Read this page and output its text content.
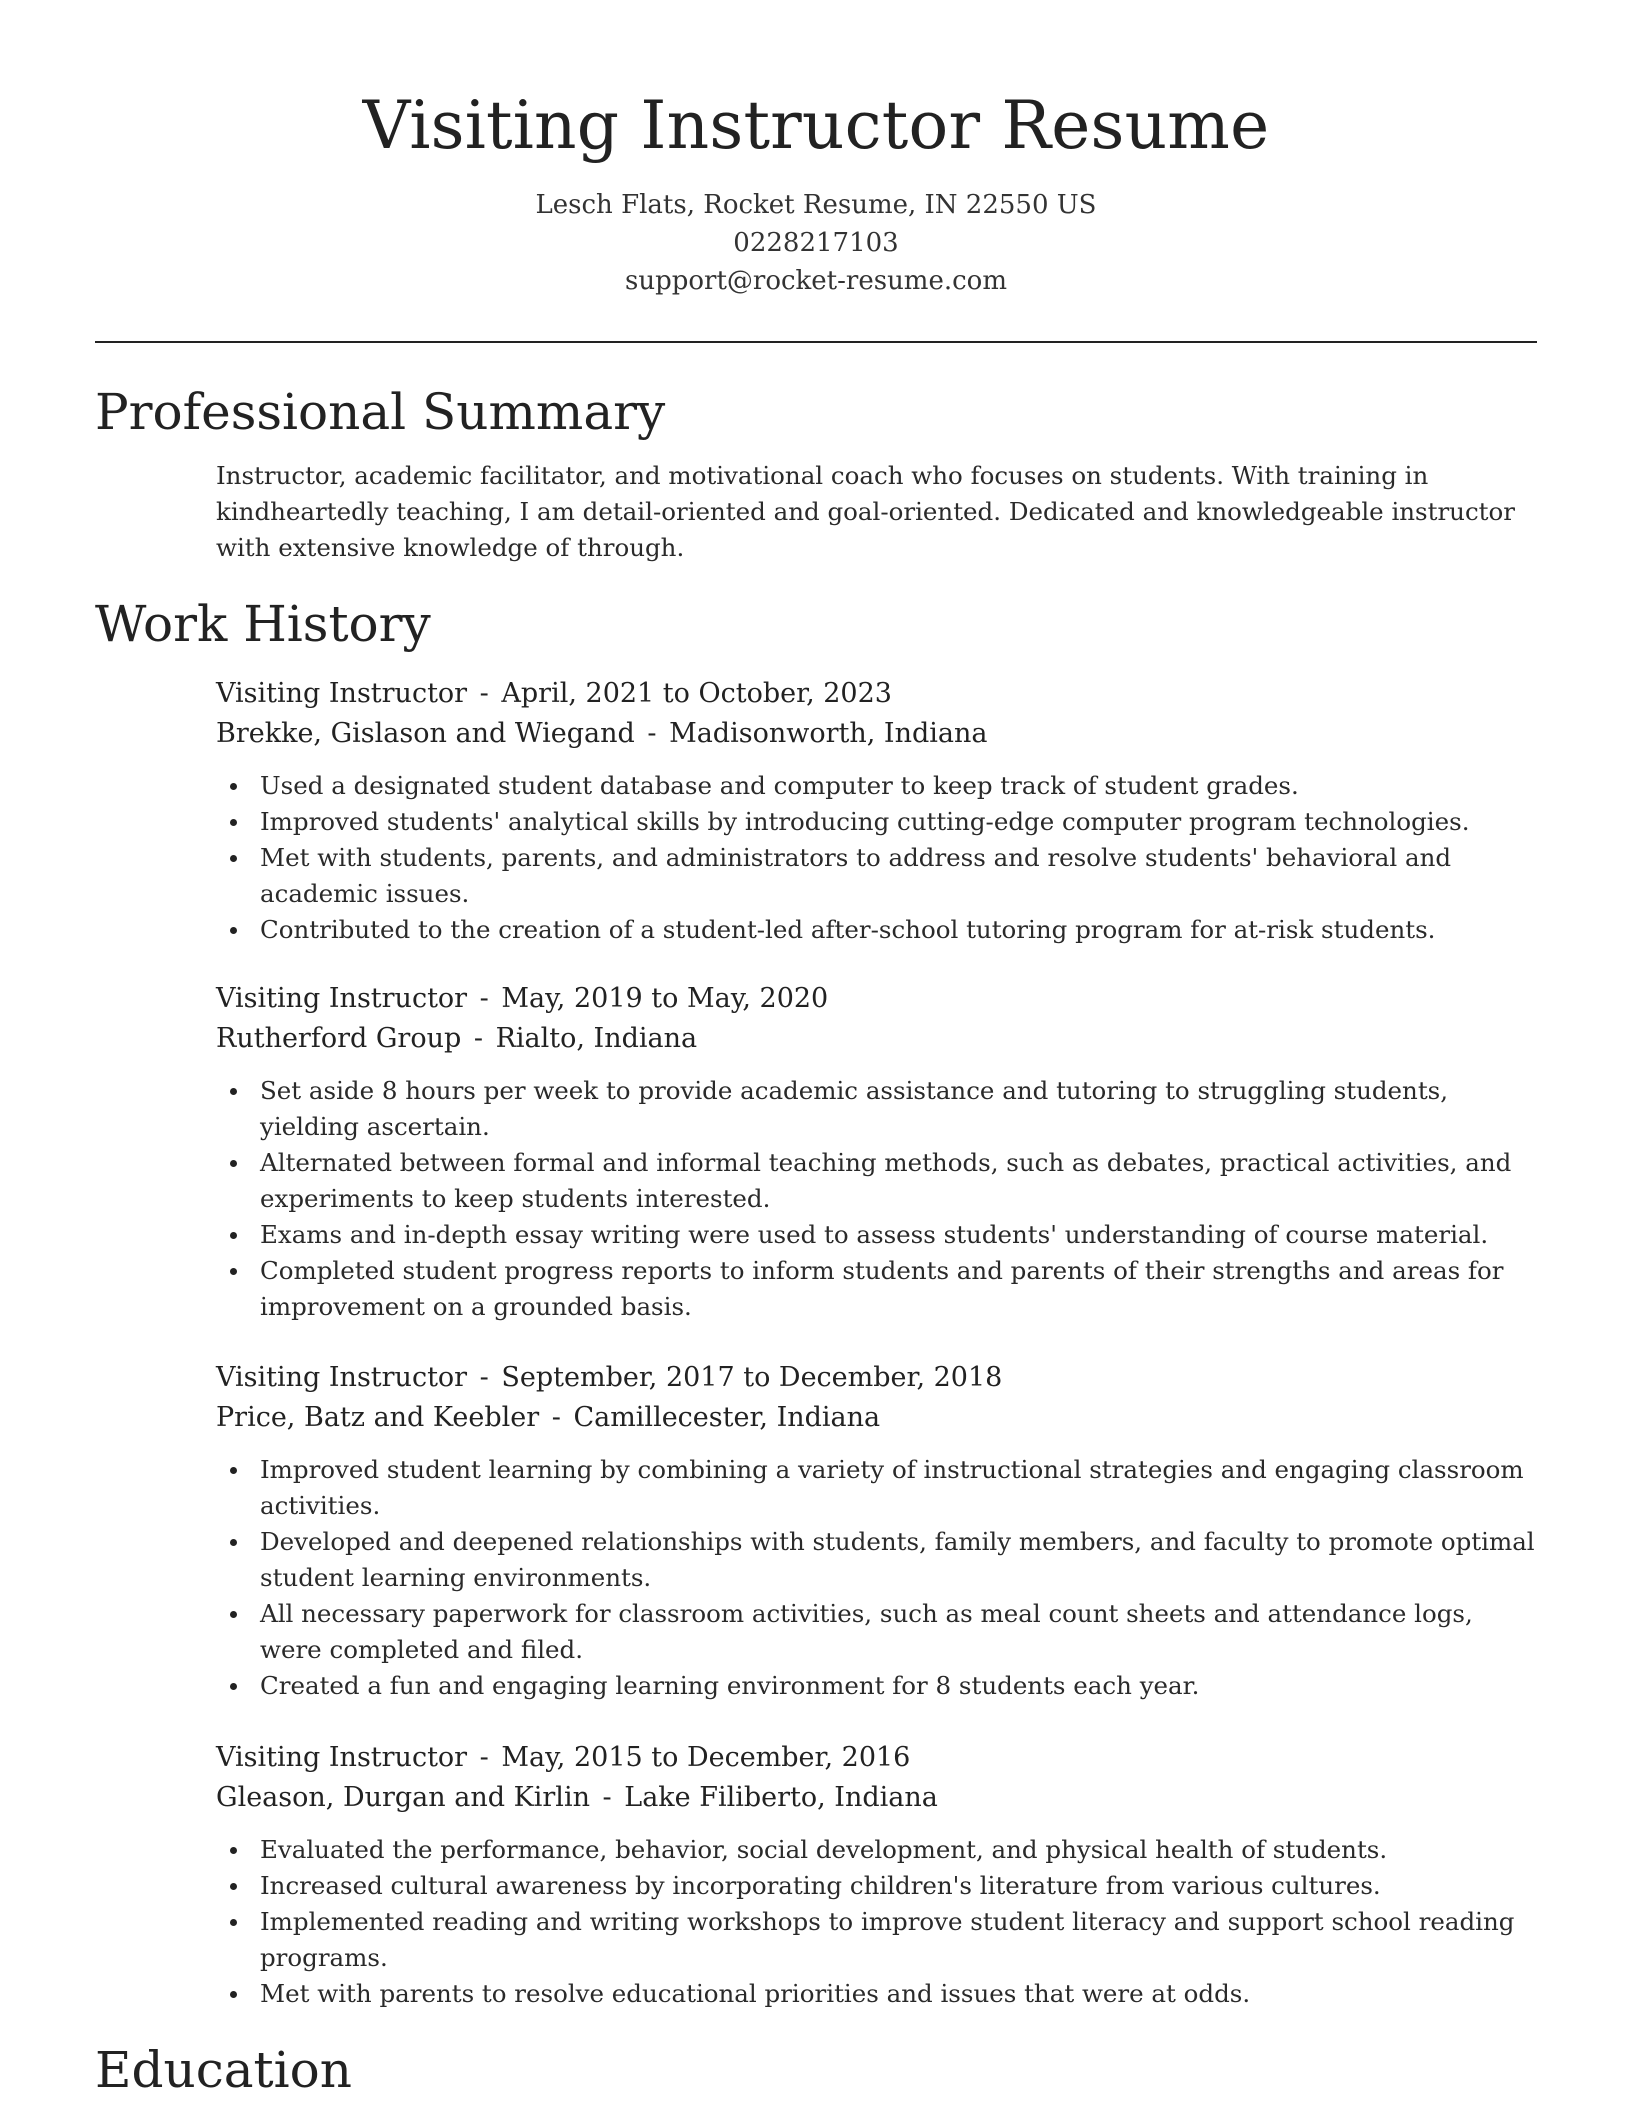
Visiting Instructor Resume
Lesch Flats, Rocket Resume, IN 22550 US
0228217103
support@rocket-resume.com
Professional Summary

Instructor, academic facilitator, and motivational coach who focuses on students. With training in kindheartedly teaching, I am detail-oriented and goal-oriented. Dedicated and knowledgeable instructor with extensive knowledge of through.

Work History
Visiting Instructor - April, 2021 to October, 2023
Brekke, Gislason and Wiegand - Madisonworth, Indiana
Used a designated student database and computer to keep track of student grades.
Improved students' analytical skills by introducing cutting-edge computer program technologies.
Met with students, parents, and administrators to address and resolve students' behavioral and academic issues.
Contributed to the creation of a student-led after-school tutoring program for at-risk students.
Visiting Instructor - May, 2019 to May, 2020
Rutherford Group - Rialto, Indiana
Set aside 8 hours per week to provide academic assistance and tutoring to struggling students, yielding ascertain.
Alternated between formal and informal teaching methods, such as debates, practical activities, and experiments to keep students interested.
Exams and in-depth essay writing were used to assess students' understanding of course material.
Completed student progress reports to inform students and parents of their strengths and areas for improvement on a grounded basis.
Visiting Instructor - September, 2017 to December, 2018
Price, Batz and Keebler - Camillecester, Indiana
Improved student learning by combining a variety of instructional strategies and engaging classroom activities.
Developed and deepened relationships with students, family members, and faculty to promote optimal student learning environments.
All necessary paperwork for classroom activities, such as meal count sheets and attendance logs, were completed and filed.
Created a fun and engaging learning environment for 8 students each year.
Visiting Instructor - May, 2015 to December, 2016
Gleason, Durgan and Kirlin - Lake Filiberto, Indiana
Evaluated the performance, behavior, social development, and physical health of students.
Increased cultural awareness by incorporating children's literature from various cultures.
Implemented reading and writing workshops to improve student literacy and support school reading programs.
Met with parents to resolve educational priorities and issues that were at odds.
Education
